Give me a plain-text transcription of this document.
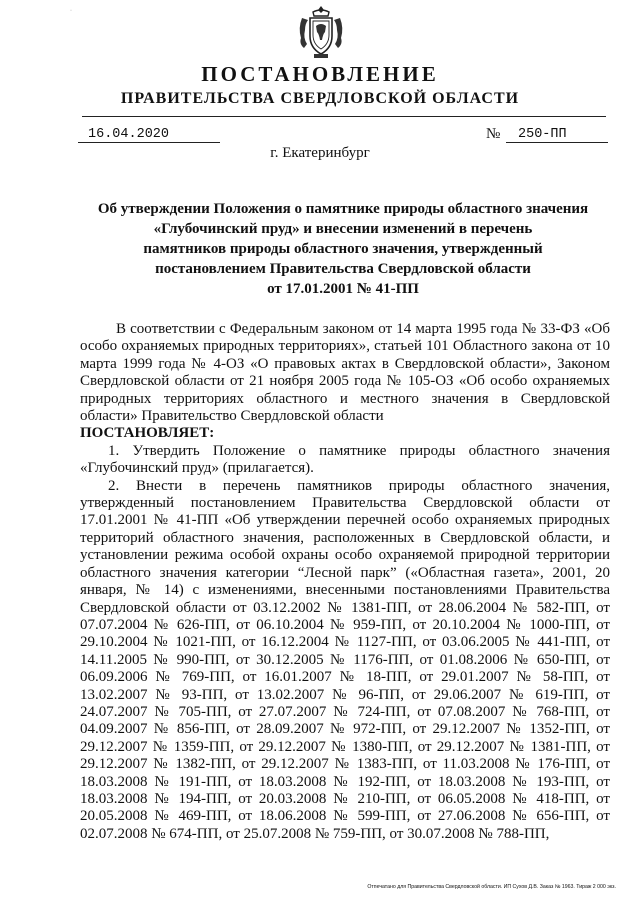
·
ПОСТАНОВЛЕНИЕ
ПРАВИТЕЛЬСТВА СВЕРДЛОВСКОЙ ОБЛАСТИ
16.04.2020	№	250-ПП
г. Екатеринбург
Об утверждении Положения о памятнике природы областного значения
«Глубочинский пруд» и внесении изменений в перечень
памятников природы областного значения, утвержденный
постановлением Правительства Свердловской области
от 17.01.2001 № 41-ПП

В соответствии с Федеральным законом от 14 марта 1995 года № 33-ФЗ «Об особо охраняемых природных территориях», статьей 101 Областного закона от 10 марта 1999 года № 4-ОЗ «О правовых актах в Свердловской области», Законом Свердловской области от 21 ноября 2005 года № 105-ОЗ «Об особо охраняемых природных территориях областного и местного значения в Свердловской области» Правительство Свердловской области

ПОСТАНОВЛЯЕТ:

1. Утвердить Положение о памятнике природы областного значения «Глубочинский пруд» (прилагается).

2. Внести в перечень памятников природы областного значения, утвержденный постановлением Правительства Свердловской области от 17.01.2001 № 41-ПП «Об утверждении перечней особо охраняемых природных территорий областного значения, расположенных в Свердловской области, и установлении режима особой охраны особо охраняемой природной территории областного значения категории “Лесной парк” («Областная газета», 2001, 20 января, № 14) с изменениями, внесенными постановлениями Правительства Свердловской области от 03.12.2002 № 1381-ПП, от 28.06.2004 № 582-ПП, от 07.07.2004 № 626-ПП, от 06.10.2004 № 959-ПП, от 20.10.2004 № 1000-ПП, от 29.10.2004 № 1021-ПП, от 16.12.2004 № 1127-ПП, от 03.06.2005 № 441-ПП, от 14.11.2005 № 990-ПП, от 30.12.2005 № 1176-ПП, от 01.08.2006 № 650-ПП, от 06.09.2006 № 769-ПП, от 16.01.2007 № 18-ПП, от 29.01.2007 № 58-ПП, от 13.02.2007 № 93-ПП, от 13.02.2007 № 96-ПП, от 29.06.2007 № 619-ПП, от 24.07.2007 № 705-ПП, от 27.07.2007 № 724-ПП, от 07.08.2007 № 768-ПП, от 04.09.2007 № 856-ПП, от 28.09.2007 № 972-ПП, от 29.12.2007 № 1352-ПП, от 29.12.2007 № 1359-ПП, от 29.12.2007 № 1380-ПП, от 29.12.2007 № 1381-ПП, от 29.12.2007 № 1382-ПП, от 29.12.2007 № 1383-ПП, от 11.03.2008 № 176-ПП, от 18.03.2008 № 191-ПП, от 18.03.2008 № 192-ПП, от 18.03.2008 № 193-ПП, от 18.03.2008 № 194-ПП, от 20.03.2008 № 210-ПП, от 06.05.2008 № 418-ПП, от 20.05.2008 № 469-ПП, от 18.06.2008 № 599-ПП, от 27.06.2008 № 656-ПП, от 02.07.2008 № 674-ПП, от 25.07.2008 № 759-ПП, от 30.07.2008 № 788-ПП,

Отпечатано для Правительства Свердловской области. ИП Сухов Д.В. Заказ № 1963. Тираж 2 000 экз.
